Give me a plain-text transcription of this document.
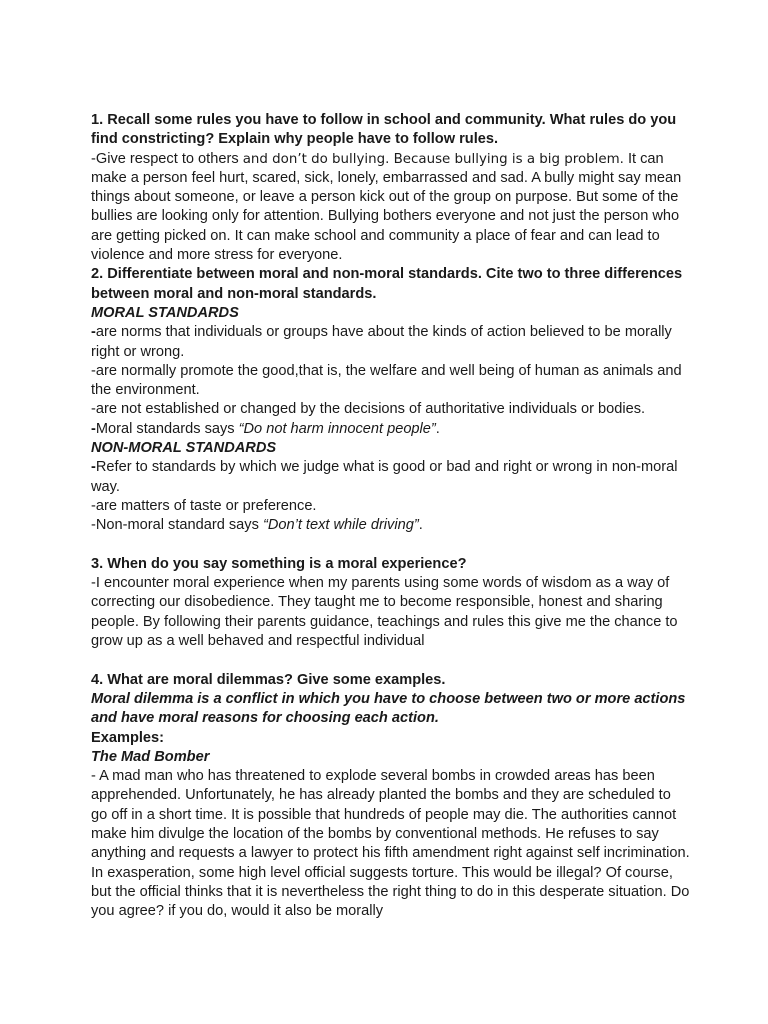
1. Recall some rules you have to follow in school and community. What rules do you find constricting? Explain why people have to follow rules.

-Give respect to others and don’t do bullying. Because bullying is a big problem. It can make a person feel hurt, scared, sick, lonely, embarrassed and sad. A bully might say mean things about someone, or leave a person kick out of the group on purpose. But some of the bullies are looking only for attention. Bullying bothers everyone and not just the person who are getting picked on. It can make school and community a place of fear and can lead to violence and more stress for everyone.

2. Differentiate between moral and non-moral standards. Cite two to three differences between moral and non-moral standards.

MORAL STANDARDS

-are norms that individuals or groups have about the kinds of action believed to be morally right or wrong.

-are normally promote the good,that is, the welfare and well being of human as animals and the environment.

-are not established or changed by the decisions of authoritative individuals or bodies.

-Moral standards says “Do not harm innocent people”.

NON-MORAL STANDARDS

-Refer to standards by which we judge what is good or bad and right or wrong in non-moral way.

-are matters of taste or preference.

-Non-moral standard says “Don’t text while driving”.

3. When do you say something is a moral experience?

-I encounter moral experience when my parents using some words of wisdom as a way of correcting our disobedience. They taught me to become responsible, honest and sharing people. By following their parents guidance, teachings and rules this give me the chance to grow up as a well behaved and respectful individual

4. What are moral dilemmas? Give some examples.

Moral dilemma is a conflict in which you have to choose between two or more actions and have moral reasons for choosing each action.

Examples:

The Mad Bomber

- A mad man who has threatened to explode several bombs in crowded areas has been apprehended. Unfortunately, he has already planted the bombs and they are scheduled to go off in a short time. It is possible that hundreds of people may die. The authorities cannot make him divulge the location of the bombs by conventional methods. He refuses to say anything and requests a lawyer to protect his fifth amendment right against self incrimination. In exasperation, some high level official suggests torture. This would be illegal? Of course, but the official thinks that it is nevertheless the right thing to do in this desperate situation. Do you agree? if you do, would it also be morally
